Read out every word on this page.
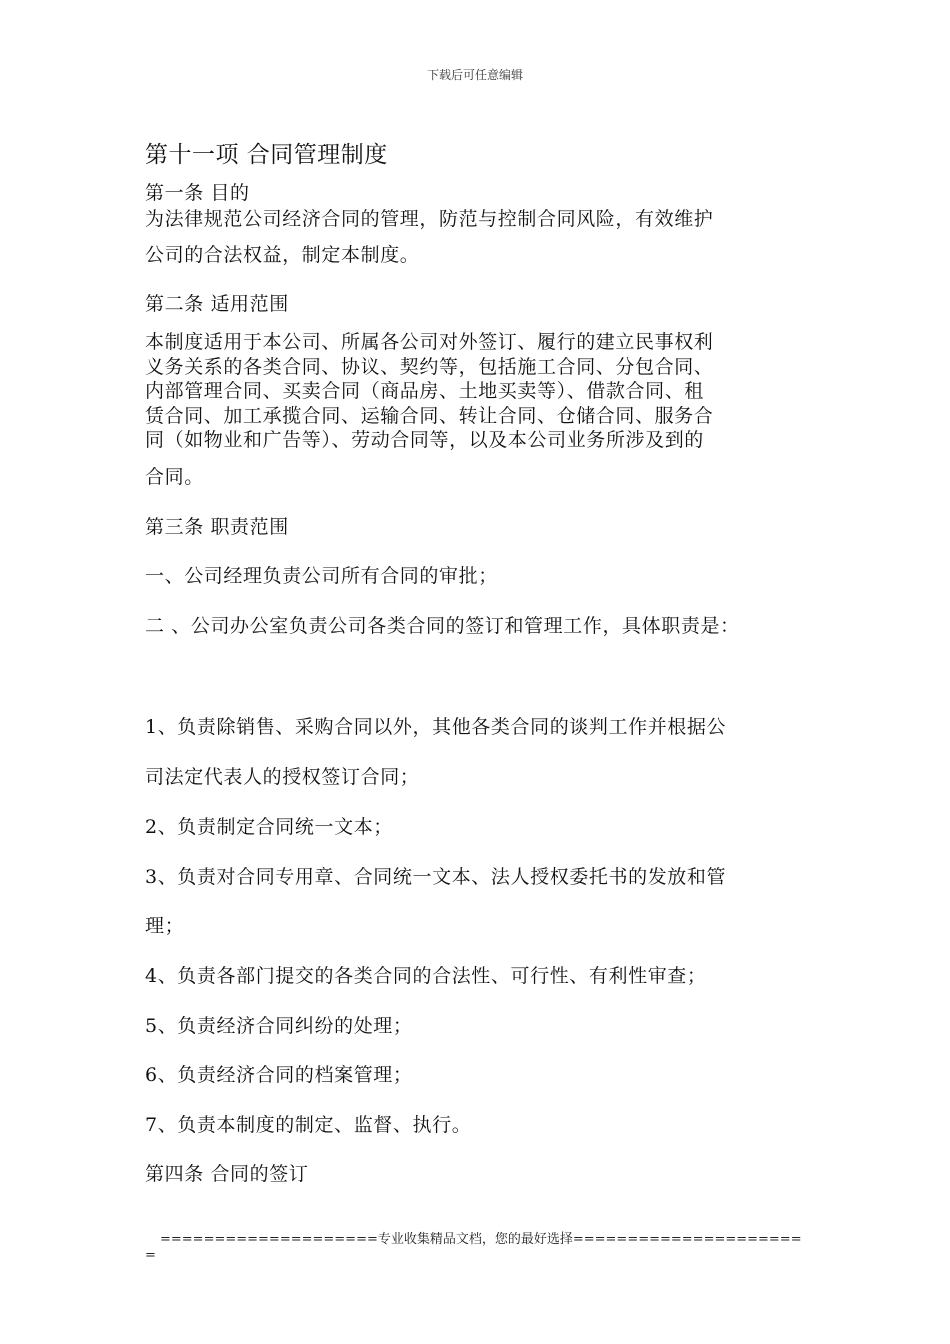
下载后可任意编辑
第十一项 合同管理制度
第一条 目的
为法律规范公司经济合同的管理，防范与控制合同风险，有效维护
公司的合法权益，制定本制度。
第二条 适用范围
本制度适用于本公司、所属各公司对外签订、履行的建立民事权利
义务关系的各类合同、协议、契约等，包括施工合同、分包合同、
内部管理合同、买卖合同（商品房、土地买卖等）、借款合同、租
赁合同、加工承揽合同、运输合同、转让合同、仓储合同、服务合
同（如物业和广告等）、劳动合同等，以及本公司业务所涉及到的
合同。
第三条 职责范围
一、公司经理负责公司所有合同的审批；
二 、公司办公室负责公司各类合同的签订和管理工作，具体职责是：
1、负责除销售、采购合同以外，其他各类合同的谈判工作并根据公
司法定代表人的授权签订合同；
2、负责制定合同统一文本；
3、负责对合同专用章、合同统一文本、法人授权委托书的发放和管
理；
4、负责各部门提交的各类合同的合法性、可行性、有利性审查；
5、负责经济合同纠纷的处理；
6、负责经济合同的档案管理；
7、负责本制度的制定、监督、执行。
第四条 合同的签订
====================专业收集精品文档，您的最好选择=====================
=
